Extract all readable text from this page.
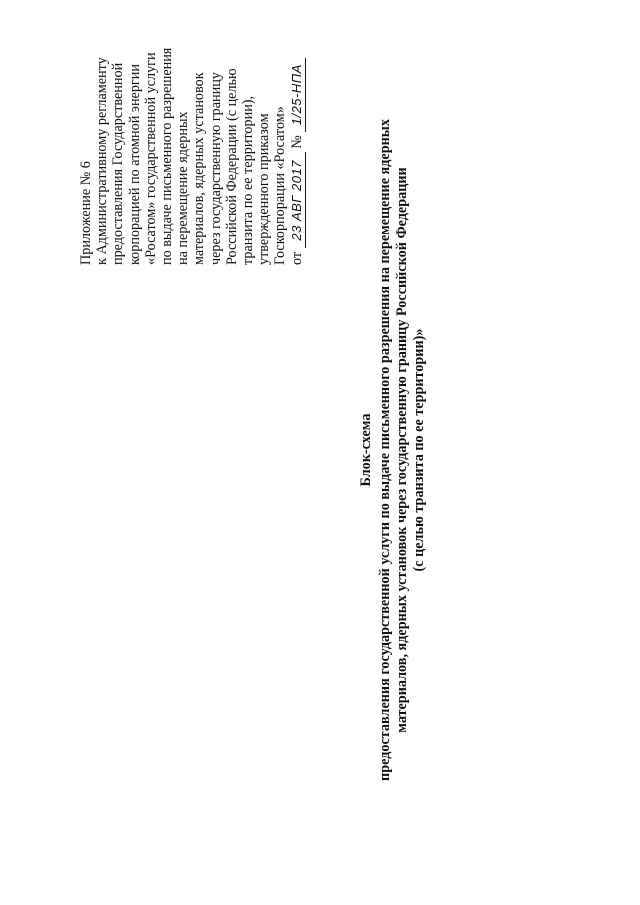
Приложение № 6 к Административному регламенту предоставления Государственной корпорацией по атомной энергии «Росатом» государственной услуги по выдаче письменного разрешения на перемещение ядерных материалов, ядерных установок через государственную границу Российской Федерации (с целью транзита по ее территории), утвержденного приказом Госкорпорации «Росатом» от 23 АВГ 2017 № 1/25-НПА
Блок-схема предоставления государственной услуги по выдаче письменного разрешения на перемещение ядерных материалов, ядерных установок через государственную границу Российской Федерации (с целью транзита по ее территории)»
